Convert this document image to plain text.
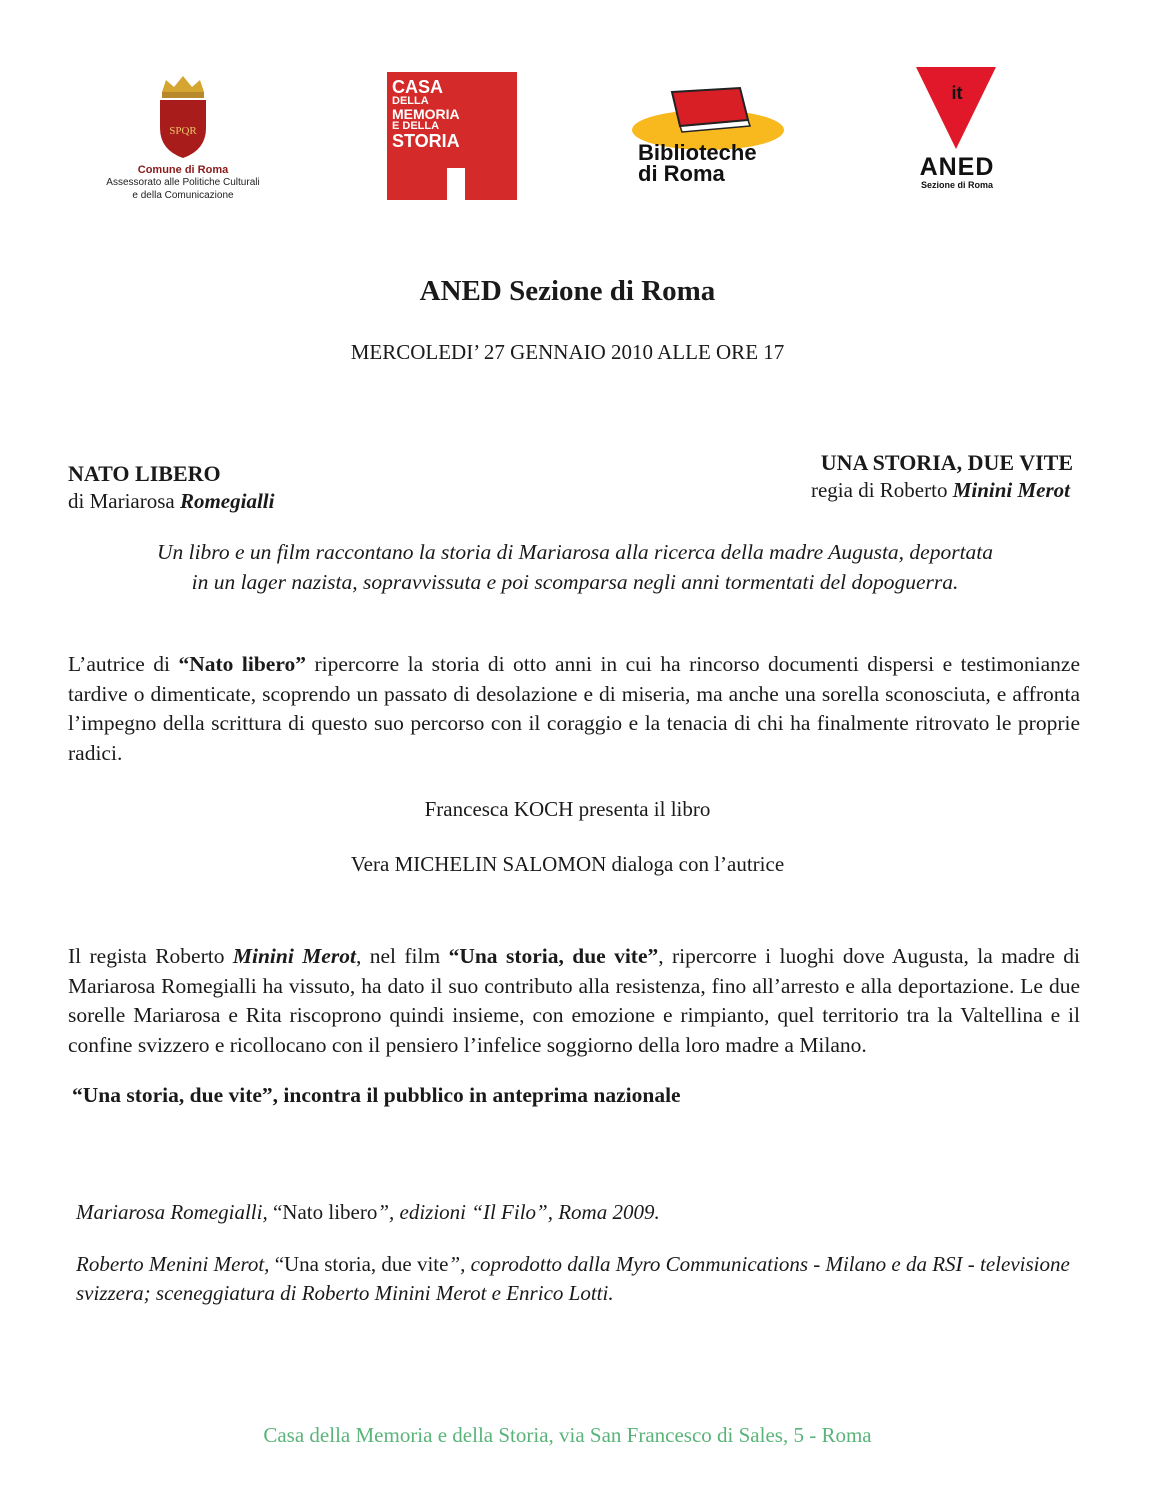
SPQR
Comune di Roma
Assessorato alle Politiche Culturali
e della Comunicazione
CASA
DELLA
MEMORIA
E DELLA
STORIA	Biblioteche
di Roma
it
ANED
Sezione di Roma
ANED Sezione di Roma
MERCOLEDI’ 27 GENNAIO 2010 ALLE ORE 17
NATO LIBERO
di Mariarosa Romegialli
UNA STORIA, DUE VITE
regia di Roberto Minini Merot
Un libro e un film raccontano la storia di Mariarosa alla ricerca della madre Augusta, deportata
in un lager nazista, sopravvissuta e poi scomparsa negli anni tormentati del dopoguerra.
L’autrice di “Nato libero” ripercorre la storia di otto anni in cui ha rincorso documenti dispersi e testimonianze tardive o dimenticate, scoprendo un passato di desolazione e di miseria, ma anche una sorella sconosciuta, e affronta l’impegno della scrittura di questo suo percorso con il coraggio e la tenacia di chi ha finalmente ritrovato le proprie radici.
Francesca KOCH presenta il libro
Vera MICHELIN SALOMON dialoga con l’autrice
Il regista Roberto Minini Merot, nel film “Una storia, due vite”, ripercorre i luoghi dove Augusta, la madre di Mariarosa Romegialli ha vissuto, ha dato il suo contributo alla resistenza, fino all’arresto e alla deportazione. Le due sorelle Mariarosa e Rita riscoprono quindi insieme, con emozione e rimpianto, quel territorio tra la Valtellina e il confine svizzero e ricollocano con il pensiero l’infelice soggiorno della loro madre a Milano.
“Una storia, due vite”, incontra il pubblico in anteprima nazionale
Mariarosa Romegialli, “Nato libero”, edizioni “Il Filo”, Roma 2009.
Roberto Menini Merot, “Una storia, due vite”, coprodotto dalla Myro Communications - Milano e da RSI - televisione svizzera; sceneggiatura di Roberto Minini Merot e Enrico Lotti.
Casa della Memoria e della Storia, via San Francesco di Sales, 5 - Roma
